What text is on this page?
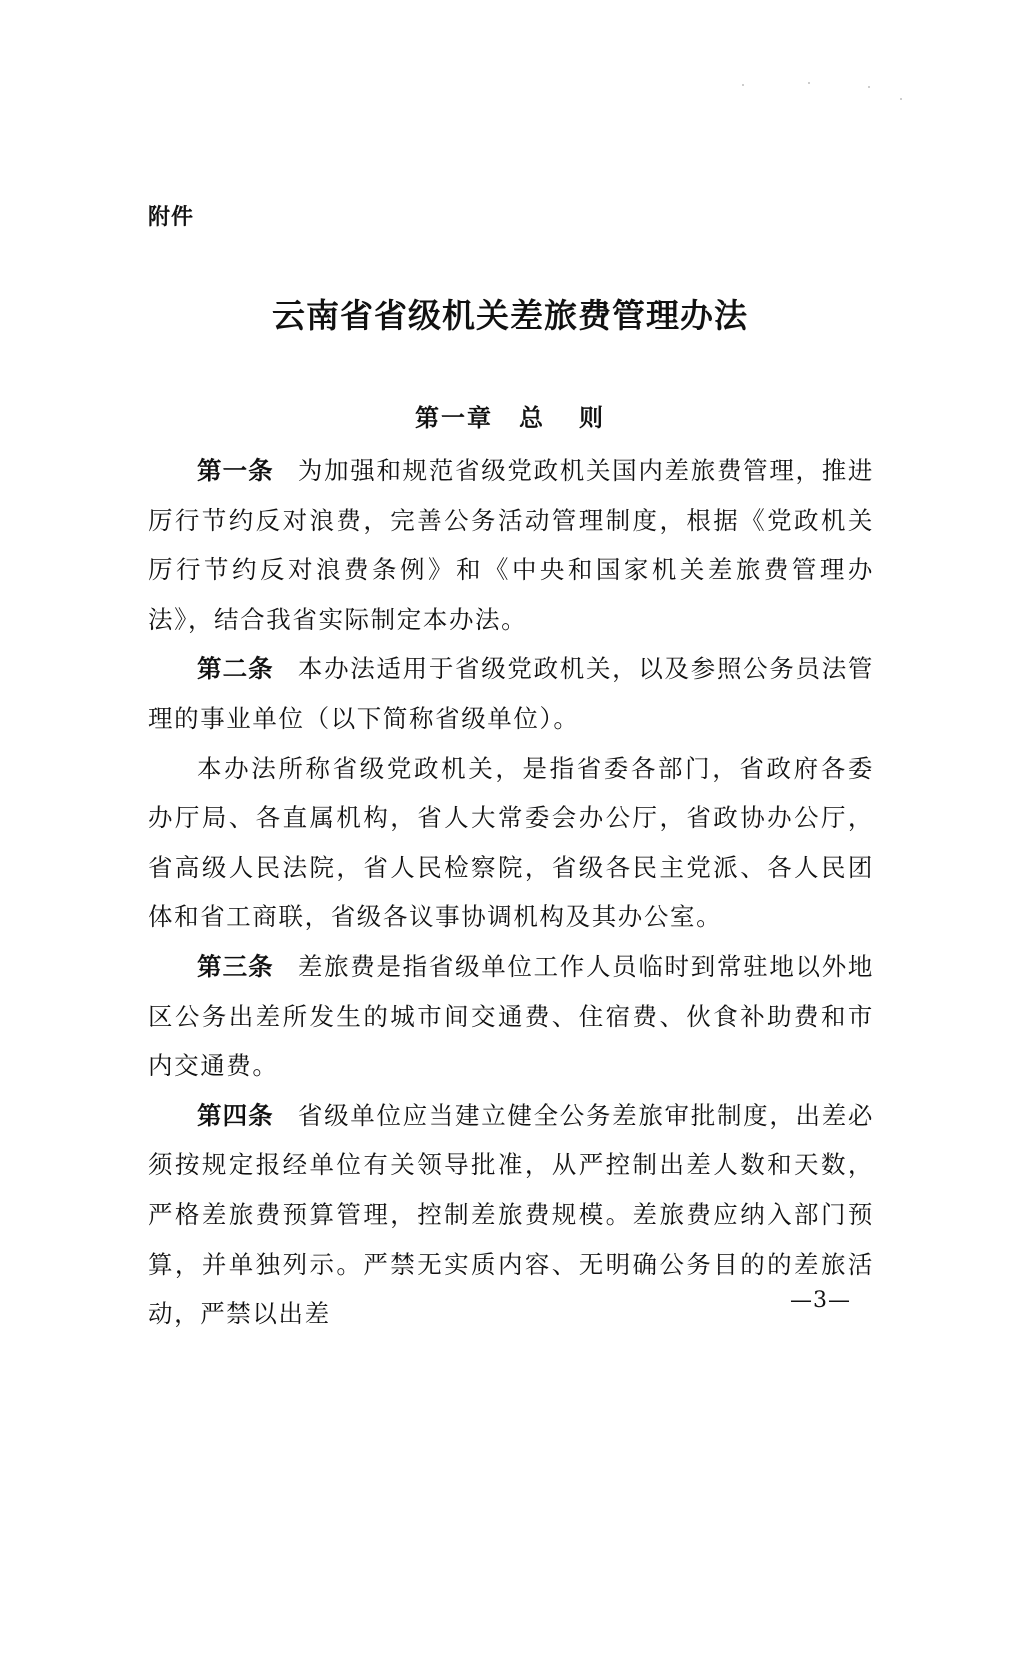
附件
云南省省级机关差旅费管理办法
第一章 总 则

第一条 为加强和规范省级党政机关国内差旅费管理，推进厉行节约反对浪费，完善公务活动管理制度，根据《党政机关厉行节约反对浪费条例》和《中央和国家机关差旅费管理办法》，结合我省实际制定本办法。

第二条 本办法适用于省级党政机关，以及参照公务员法管理的事业单位（以下简称省级单位）。

本办法所称省级党政机关，是指省委各部门，省政府各委办厅局、各直属机构，省人大常委会办公厅，省政协办公厅，省高级人民法院，省人民检察院，省级各民主党派、各人民团体和省工商联，省级各议事协调机构及其办公室。

第三条 差旅费是指省级单位工作人员临时到常驻地以外地区公务出差所发生的城市间交通费、住宿费、伙食补助费和市内交通费。

第四条 省级单位应当建立健全公务差旅审批制度，出差必须按规定报经单位有关领导批准，从严控制出差人数和天数，严格差旅费预算管理，控制差旅费规模。差旅费应纳入部门预算，并单独列示。严禁无实质内容、无明确公务目的的差旅活动，严禁以出差	—3—
